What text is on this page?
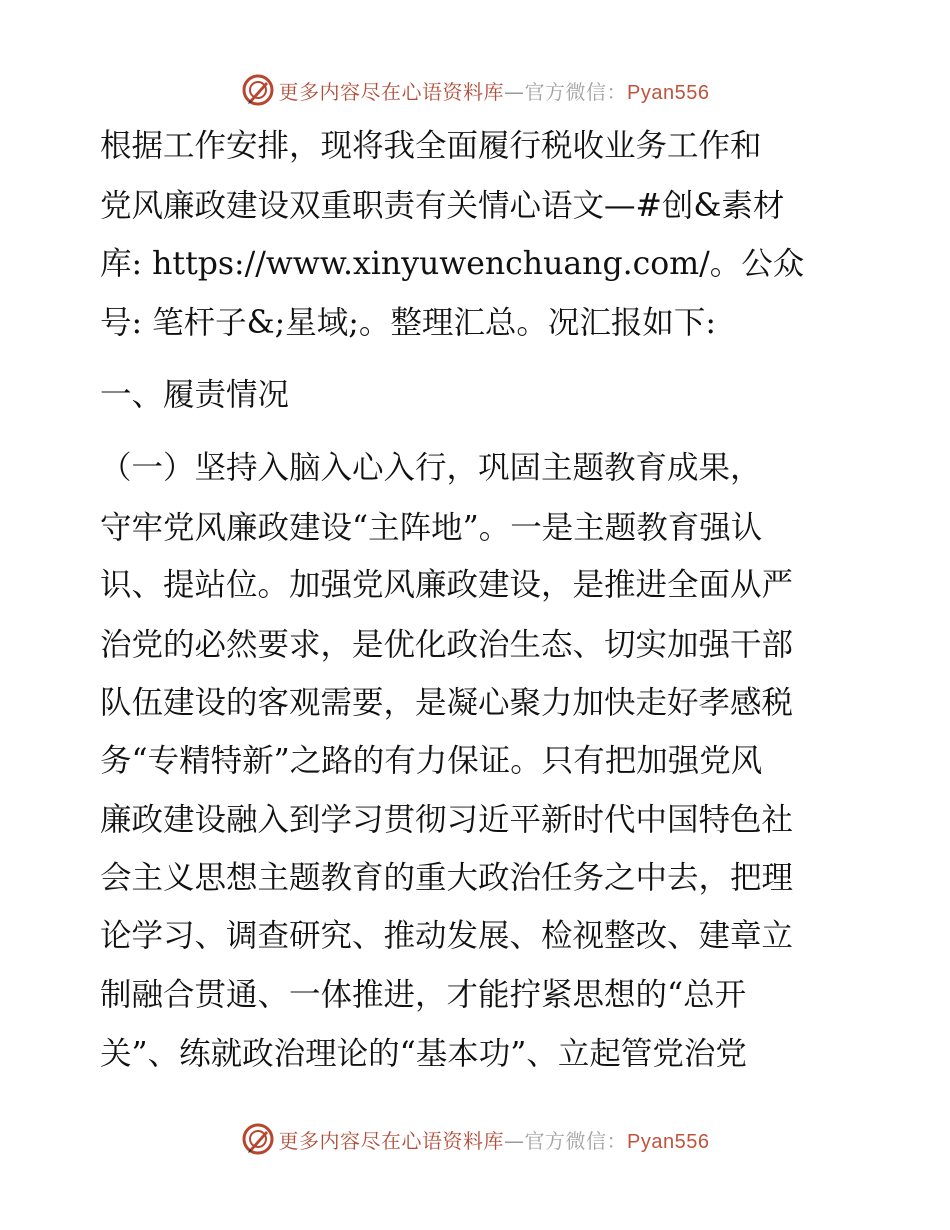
更多内容尽在心语资料库—官方微信：Pyan556
根据工作安排，现将我全面履行税收业务工作和
党风廉政建设双重职责有关情心语文—#创&素材
库: https://www.xinyuwenchuang.com/。公众
号: 笔杆子&;星域;。整理汇总。况汇报如下:
一、履责情况
（一）坚持入脑入心入行，巩固主题教育成果，
守牢党风廉政建设“主阵地”。一是主题教育强认
识、提站位。加强党风廉政建设，是推进全面从严
治党的必然要求，是优化政治生态、切实加强干部
队伍建设的客观需要，是凝心聚力加快走好孝感税
务“专精特新”之路的有力保证。只有把加强党风
廉政建设融入到学习贯彻习近平新时代中国特色社
会主义思想主题教育的重大政治任务之中去，把理
论学习、调查研究、推动发展、检视整改、建章立
制融合贯通、一体推进，才能拧紧思想的“总开
关”、练就政治理论的“基本功”、立起管党治党
更多内容尽在心语资料库—官方微信：Pyan556
